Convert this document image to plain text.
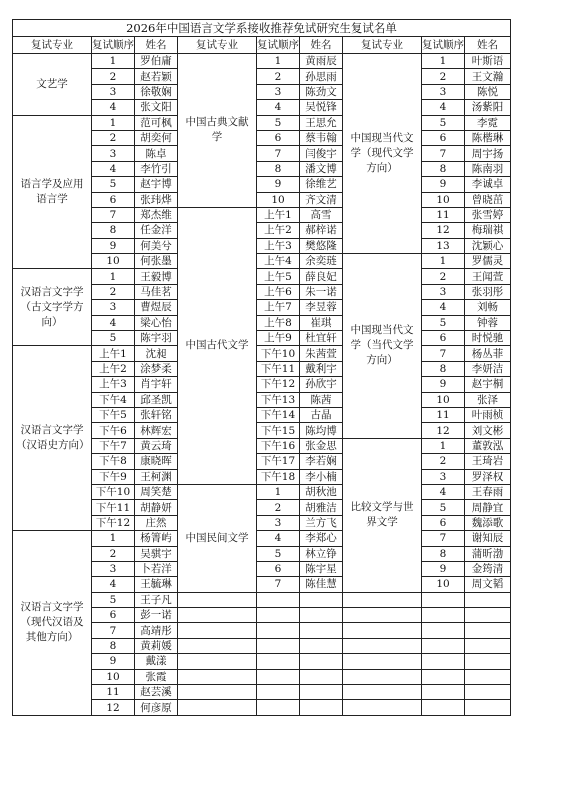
2026年中国语言文学系接收推荐免试研究生复试名单								
复试专业	复试顺序	姓名	复试专业	复试顺序	姓名	复试专业	复试顺序	姓名
文艺学	1	罗伯庸	中国古典文献学	1	黄雨辰	中国现当代文学（现代文学方向）	1	叶斯语
	2	赵若颖		2	孙思雨		2	王文瀚
	3	徐敬娴		3	陈劲文		3	陈悦
	4	张文阳		4	吴悦锋		4	汤紫阳
语言学及应用语言学	1	范可枫		5	王思允		5	李霓
	2	胡奕何		6	蔡韦翰		6	陈楷琳
	3	陈卓		7	闫俊宇		7	周宇扬
	4	李竹引		8	潘文博		8	陈南羽
	5	赵宇博		9	徐维艺		9	李诚卓
	6	张玮烨		10	齐文清		10	曾晓茁
	7	郑杰维	中国古代文学	上午1	高雪		11	张雪婷
	8	任金洋		上午2	郝梓诺		12	梅瑞祺
	9	何美兮		上午3	樊悠隆		13	沈颖心
	10	何张墨		上午4	余奕琏	中国现当代文学（当代文学方向）	1	罗儒灵
汉语言文字学（古文字学方向）	1	王毅博		上午5	薛良妃		2	王闻萱
	2	马佳茗		上午6	朱一诺		3	张羽彤
	3	曹煜辰		上午7	李昱蓉		4	刘畅
	4	梁心怡		上午8	崔琪		5	钟蓉
	5	陈宇羽		上午9	杜宜轩		6	时悦驰
汉语言文字学（汉语史方向）	上午1	沈昶		下午10	朱茜萱		7	杨丛菲
	上午2	涂梦柔		下午11	戴利宇		8	李妍洁
	上午3	肖宇轩		下午12	孙欣宇		9	赵宇桐
	下午4	邱圣凯		下午13	陈茜		10	张泽
	下午5	张轩铭		下午14	古晶		11	叶雨桢
	下午6	林辉宏		下午15	陈均博		12	刘文彬
	下午7	黄云琦		下午16	张金思	比较文学与世界文学	1	董敦泓
	下午8	康晓晖		下午17	李若娴		2	王琦岩
	下午9	王柯渊		下午18	李小楠		3	罗泽权
	下午10	周笑楚	中国民间文学	1	胡秋池		4	王春雨
	下午11	胡静妍		2	胡雅洁		5	周静宜
	下午12	庄然		3	兰方飞		6	魏添歌
汉语言文字学（现代汉语及其他方向）	1	杨箐屿		4	李郑心		7	谢知辰
	2	吴骐宇		5	林立铮		8	蒲昕渤
	3	卜若洋		6	陈宇星		9	金筠清
	4	王毓琳		7	陈佳慧		10	周文韬
	5	王子凡						
	6	彭一诺						
	7	高靖彤						
	8	黄莉媛						
	9	戴漾						
	10	张霞						
	11	赵芸溪						
	12	何彦原						
